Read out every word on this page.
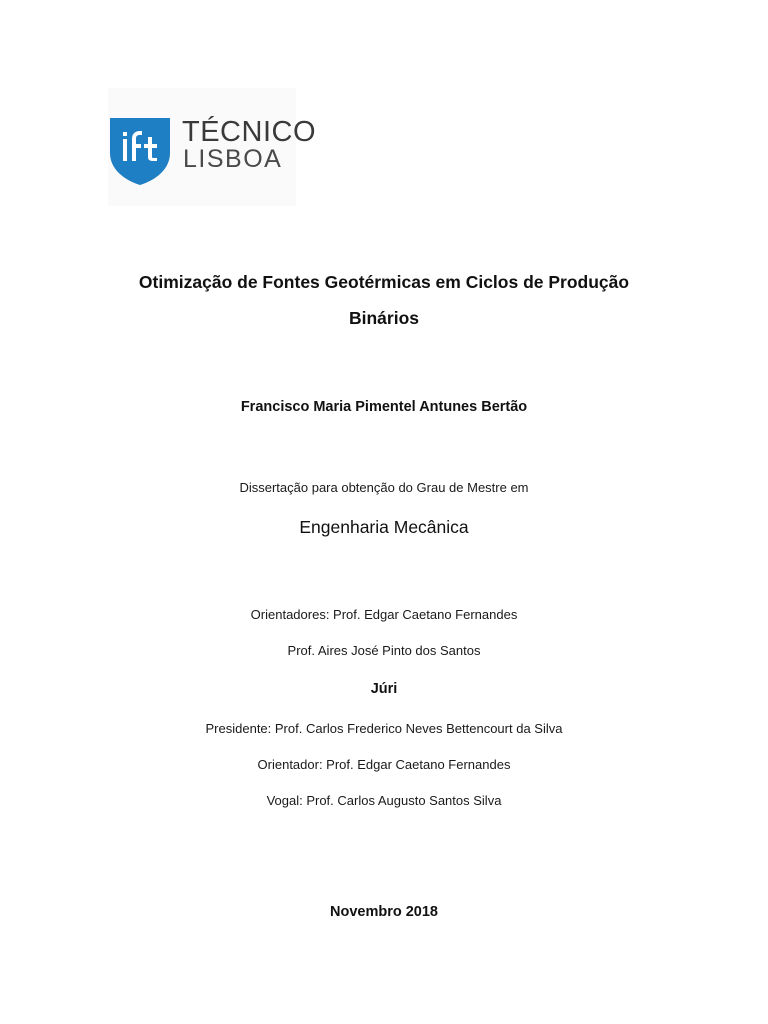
TÉCNICO
LISBOA
Otimização de Fontes Geotérmicas em Ciclos de Produção
Binários
Francisco Maria Pimentel Antunes Bertão
Dissertação para obtenção do Grau de Mestre em
Engenharia Mecânica
Orientadores: Prof. Edgar Caetano Fernandes
Prof. Aires José Pinto dos Santos
Júri
Presidente: Prof. Carlos Frederico Neves Bettencourt da Silva
Orientador: Prof. Edgar Caetano Fernandes
Vogal: Prof. Carlos Augusto Santos Silva
Novembro 2018
